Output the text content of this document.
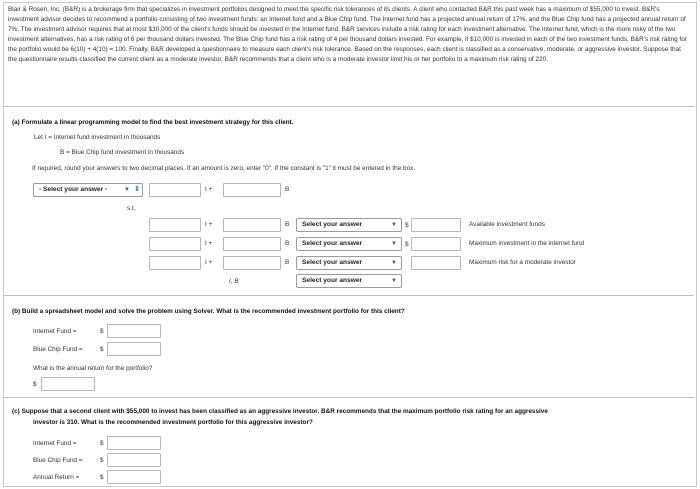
Blair & Rosen, Inc. (B&R) is a brokerage firm that specializes in investment portfolios designed to meet the specific risk tolerances of its clients. A client who contacted B&R this past week has a maximum of $55,000 to invest. B&R's investment advisor decides to recommend a portfolio consisting of two investment funds: an Internet fund and a Blue Chip fund. The Internet fund has a projected annual return of 17%, and the Blue Chip fund has a projected annual return of 7%. The investment advisor requires that at most $30,000 of the client's funds should be invested in the Internet fund. B&R services include a risk rating for each investment alternative. The Internet fund, which is the more risky of the two investment alternatives, has a risk rating of 6 per thousand dollars invested. The Blue Chip fund has a risk rating of 4 per thousand dollars invested. For example, if $10,000 is invested in each of the two investment funds, B&R's risk rating for the portfolio would be 6(10) + 4(10) = 100. Finally, B&R developed a questionnaire to measure each client's risk tolerance. Based on the responses, each client is classified as a conservative, moderate, or aggressive investor. Suppose that the questionnaire results classified the current client as a moderate investor. B&R recommends that a client who is a moderate investor limit his or her portfolio to a maximum risk rating of 220.
(a) Formulate a linear programming model to find the best investment strategy for this client.
Let I = Internet fund investment in thousands
B = Blue Chip fund investment in thousands
If required, round your answers to two decimal places. If an amount is zero, enter "0". If the constant is "1" it must be entered in the box.
- Select your answer -	▼ ⇕	I +	B
s.t.
I +	B	Select your answer	▼ $	Available investment funds
I +	B	Select your answer	▼ $	Maximum investment in the internet fund
I +	B	Select your answer	▼	Maximum risk for a moderate investor
I, B	Select your answer	▼
(b) Build a spreadsheet model and solve the problem using Solver. What is the recommended investment portfolio for this client?
Internet Fund =	$
Blue Chip Fund =	$
What is the annual return for the portfolio?
$
(c) Suppose that a second client with $55,000 to invest has been classified as an aggressive investor. B&R recommends that the maximum portfolio risk rating for an aggressive
investor is 310. What is the recommended investment portfolio for this aggressive investor?
Internet Fund =	$
Blue Chip Fund =	$
Annual Return =	$
